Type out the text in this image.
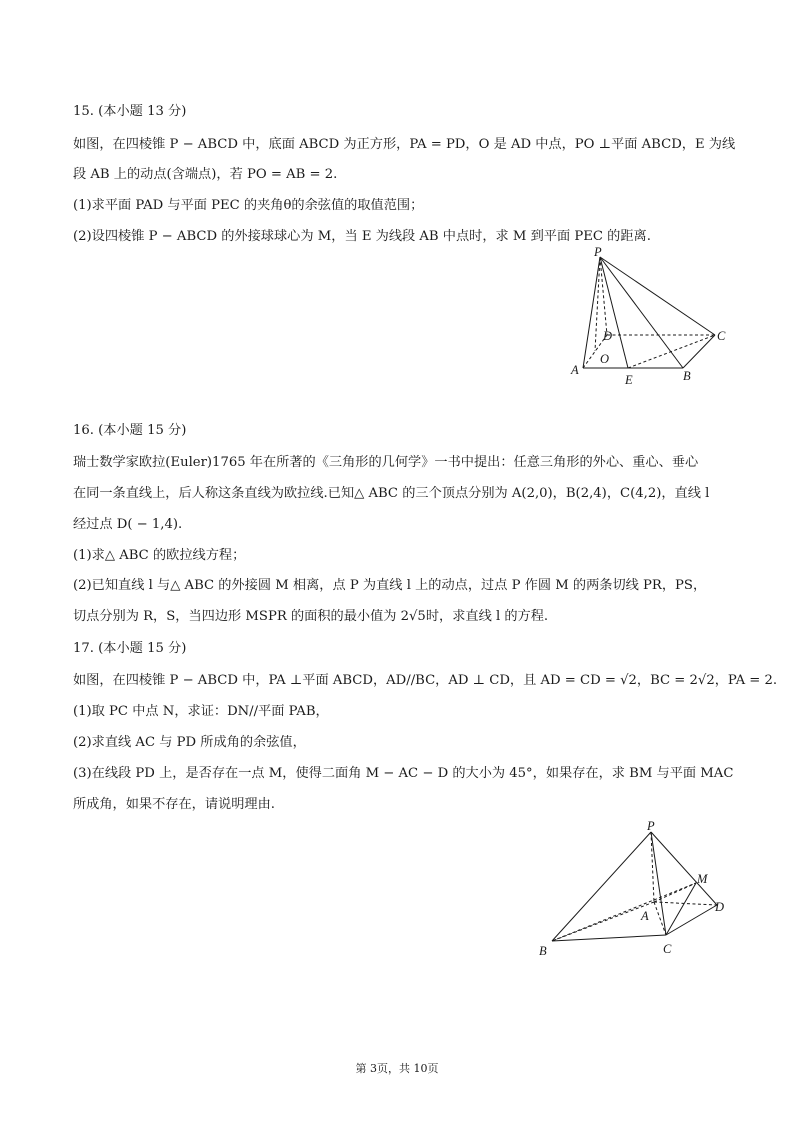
15. (本小题 13 分)
如图，在四棱锥 P − ABCD 中，底面 ABCD 为正方形，PA = PD，O 是 AD 中点，PO ⊥平面 ABCD，E 为线
段 AB 上的动点(含端点)，若 PO = AB = 2.
(1)求平面 PAD 与平面 PEC 的夹角θ的余弦值的取值范围；
(2)设四棱锥 P − ABCD 的外接球球心为 M，当 E 为线段 AB 中点时，求 M 到平面 PEC 的距离.
P
D	C
O
A
E	B
16. (本小题 15 分)
瑞士数学家欧拉(Euler)1765 年在所著的《三角形的几何学》一书中提出：任意三角形的外心、重心、垂心
在同一条直线上，后人称这条直线为欧拉线.已知△ ABC 的三个顶点分别为 A(2,0)，B(2,4)，C(4,2)，直线 l
经过点 D( − 1,4).
(1)求△ ABC 的欧拉线方程；
(2)已知直线 l 与△ ABC 的外接圆 M 相离，点 P 为直线 l 上的动点，过点 P 作圆 M 的两条切线 PR，PS，
切点分别为 R，S，当四边形 MSPR 的面积的最小值为 2√5时，求直线 l 的方程.
17. (本小题 15 分)
如图，在四棱锥 P − ABCD 中，PA ⊥平面 ABCD，AD//BC，AD ⊥ CD，且 AD = CD = √2，BC = 2√2，PA = 2.
(1)取 PC 中点 N，求证：DN//平面 PAB，
(2)求直线 AC 与 PD 所成角的余弦值，
(3)在线段 PD 上，是否存在一点 M，使得二面角 M − AC − D 的大小为 45°，如果存在，求 BM 与平面 MAC
所成角，如果不存在，请说明理由.
P
M
A
D
B	C
第 3页，共 10页
